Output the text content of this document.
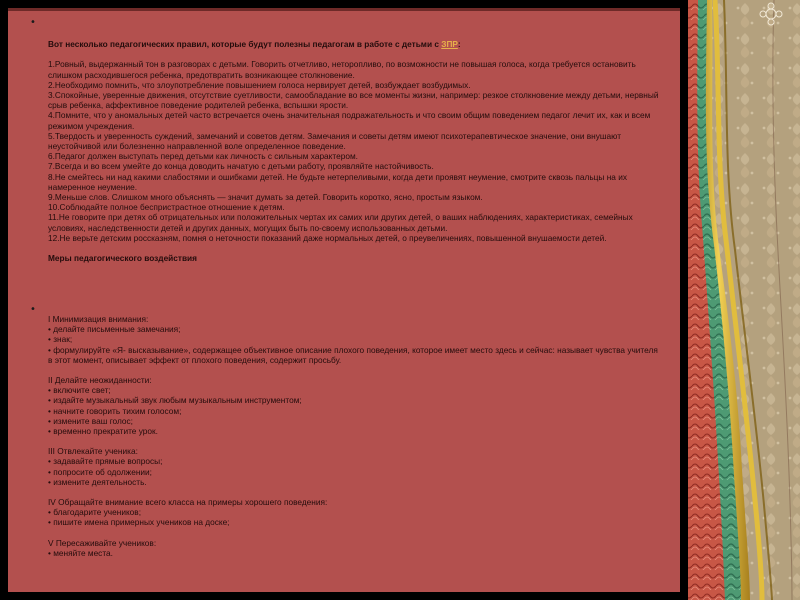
•
•

Вот несколько педагогических правил, которые будут полезны педагогам в работе с детьми с ЗПР:

1.Ровный, выдержанный тон в разговорах с детьми. Говорить отчетливо, неторопливо, по возможности не повышая голоса, когда требуется остановить слишком расходившегося ребенка, предотвратить возникающее столкновение.

2.Необходимо помнить, что злоупотребление повышением голоса нервирует детей, возбуждает возбудимых.

3.Спокойные, уверенные движения, отсутствие суетливости, самообладание во все моменты жизни, например: резкое столкновение между детьми, нервный срыв ребенка, аффективное поведение родителей ребенка, вспышки ярости.

4.Помните, что у аномальных детей часто встречается очень значительная подражательность и что своим общим поведением педагог лечит их, как и всем режимом учреждения.

5.Твердость и уверенность суждений, замечаний и советов детям. Замечания и советы детям имеют психотерапевтическое значение, они внушают неустойчивой или болезненно направленной воле определенное поведение.

6.Педагог должен выступать перед детьми как личность с сильным характером.

7.Всегда и во всем умейте до конца доводить начатую с детьми работу, проявляйте настойчивость.

8.Не смейтесь ни над какими слабостями и ошибками детей. Не будьте нетерпеливыми, когда дети проявят неумение, смотрите сквозь пальцы на их намеренное неумение.

9.Меньше слов. Слишком много объяснять — значит думать за детей. Говорить коротко, ясно, простым языком.

10.Соблюдайте полное беспристрастное отношение к детям.

11.Не говорите при детях об отрицательных или положительных чертах их самих или других детей, о ваших наблюдениях, характеристиках, семейных условиях, наследственности детей и других данных, могущих быть по-своему использованных детьми.

12.Не верьте детским россказням, помня о неточности показаний даже нормальных детей, о преувеличениях, повышенной внушаемости детей.

Меры педагогического воздействия

I Минимизация внимания:

• делайте письменные замечания;

• знак;

• формулируйте «Я- высказывание», содержащее объективное описание плохого поведения, которое имеет место здесь и сейчас: называет чувства учителя в этот момент, описывает эффект от плохого поведения, содержит просьбу.

II Делайте неожиданности:

• включите свет;

• издайте музыкальный звук любым музыкальным инструментом;

• начните говорить тихим голосом;

• измените ваш голос;

• временно прекратите урок.

III Отвлекайте ученика:

• задавайте прямые вопросы;

• попросите об одолжении;

• измените деятельность.

IV Обращайте внимание всего класса на примеры хорошего поведения:

• благодарите учеников;

• пишите имена примерных учеников на доске;

V Пересаживайте учеников:

• меняйте места.
